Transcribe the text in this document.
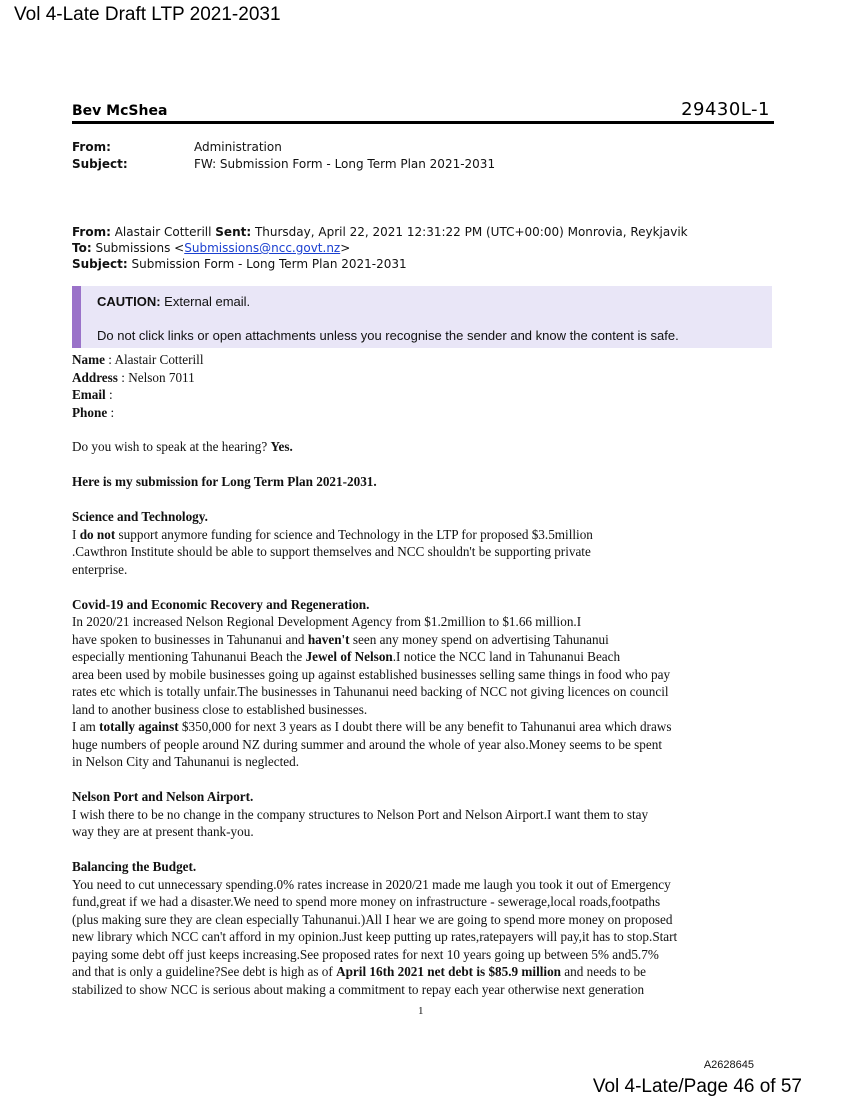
Vol 4-Late Draft LTP 2021-2031
Bev McShea	29430L-1
From:	Administration
Subject:	FW: Submission Form - Long Term Plan 2021-2031
From: Alastair Cotterill Sent: Thursday, April 22, 2021 12:31:22 PM (UTC+00:00) Monrovia, Reykjavik
To: Submissions <Submissions@ncc.govt.nz>
Subject: Submission Form - Long Term Plan 2021-2031
CAUTION: External email.
Do not click links or open attachments unless you recognise the sender and know the content is safe.
Name : Alastair Cotterill
Address : Nelson 7011
Email :
Phone :
Do you wish to speak at the hearing? Yes.
Here is my submission for Long Term Plan 2021-2031.
Science and Technology.
I do not support anymore funding for science and Technology in the LTP for proposed $3.5million
.Cawthron Institute should be able to support themselves and NCC shouldn't be supporting private
enterprise.
Covid-19 and Economic Recovery and Regeneration.
In 2020/21 increased Nelson Regional Development Agency from $1.2million to $1.66 million.I
have spoken to businesses in Tahunanui and haven't seen any money spend on advertising Tahunanui
especially mentioning Tahunanui Beach the Jewel of Nelson.I notice the NCC land in Tahunanui Beach
area been used by mobile businesses going up against established businesses selling same things in food who pay
rates etc which is totally unfair.The businesses in Tahunanui need backing of NCC not giving licences on council
land to another business close to established businesses.
I am totally against $350,000 for next 3 years as I doubt there will be any benefit to Tahunanui area which draws
huge numbers of people around NZ during summer and around the whole of year also.Money seems to be spent
in Nelson City and Tahunanui is neglected.
Nelson Port and Nelson Airport.
I wish there to be no change in the company structures to Nelson Port and Nelson Airport.I want them to stay
way they are at present thank-you.
Balancing the Budget.
You need to cut unnecessary spending.0% rates increase in 2020/21 made me laugh you took it out of Emergency
fund,great if we had a disaster.We need to spend more money on infrastructure - sewerage,local roads,footpaths
(plus making sure they are clean especially Tahunanui.)All I hear we are going to spend more money on proposed
new library which NCC can't afford in my opinion.Just keep putting up rates,ratepayers will pay,it has to stop.Start
paying some debt off just keeps increasing.See proposed rates for next 10 years going up between 5% and5.7%
and that is only a guideline?See debt is high as of April 16th 2021 net debt is $85.9 million and needs to be
stabilized to show NCC is serious about making a commitment to repay each year otherwise next generation
1
A2628645
Vol 4-Late/Page 46 of 57
